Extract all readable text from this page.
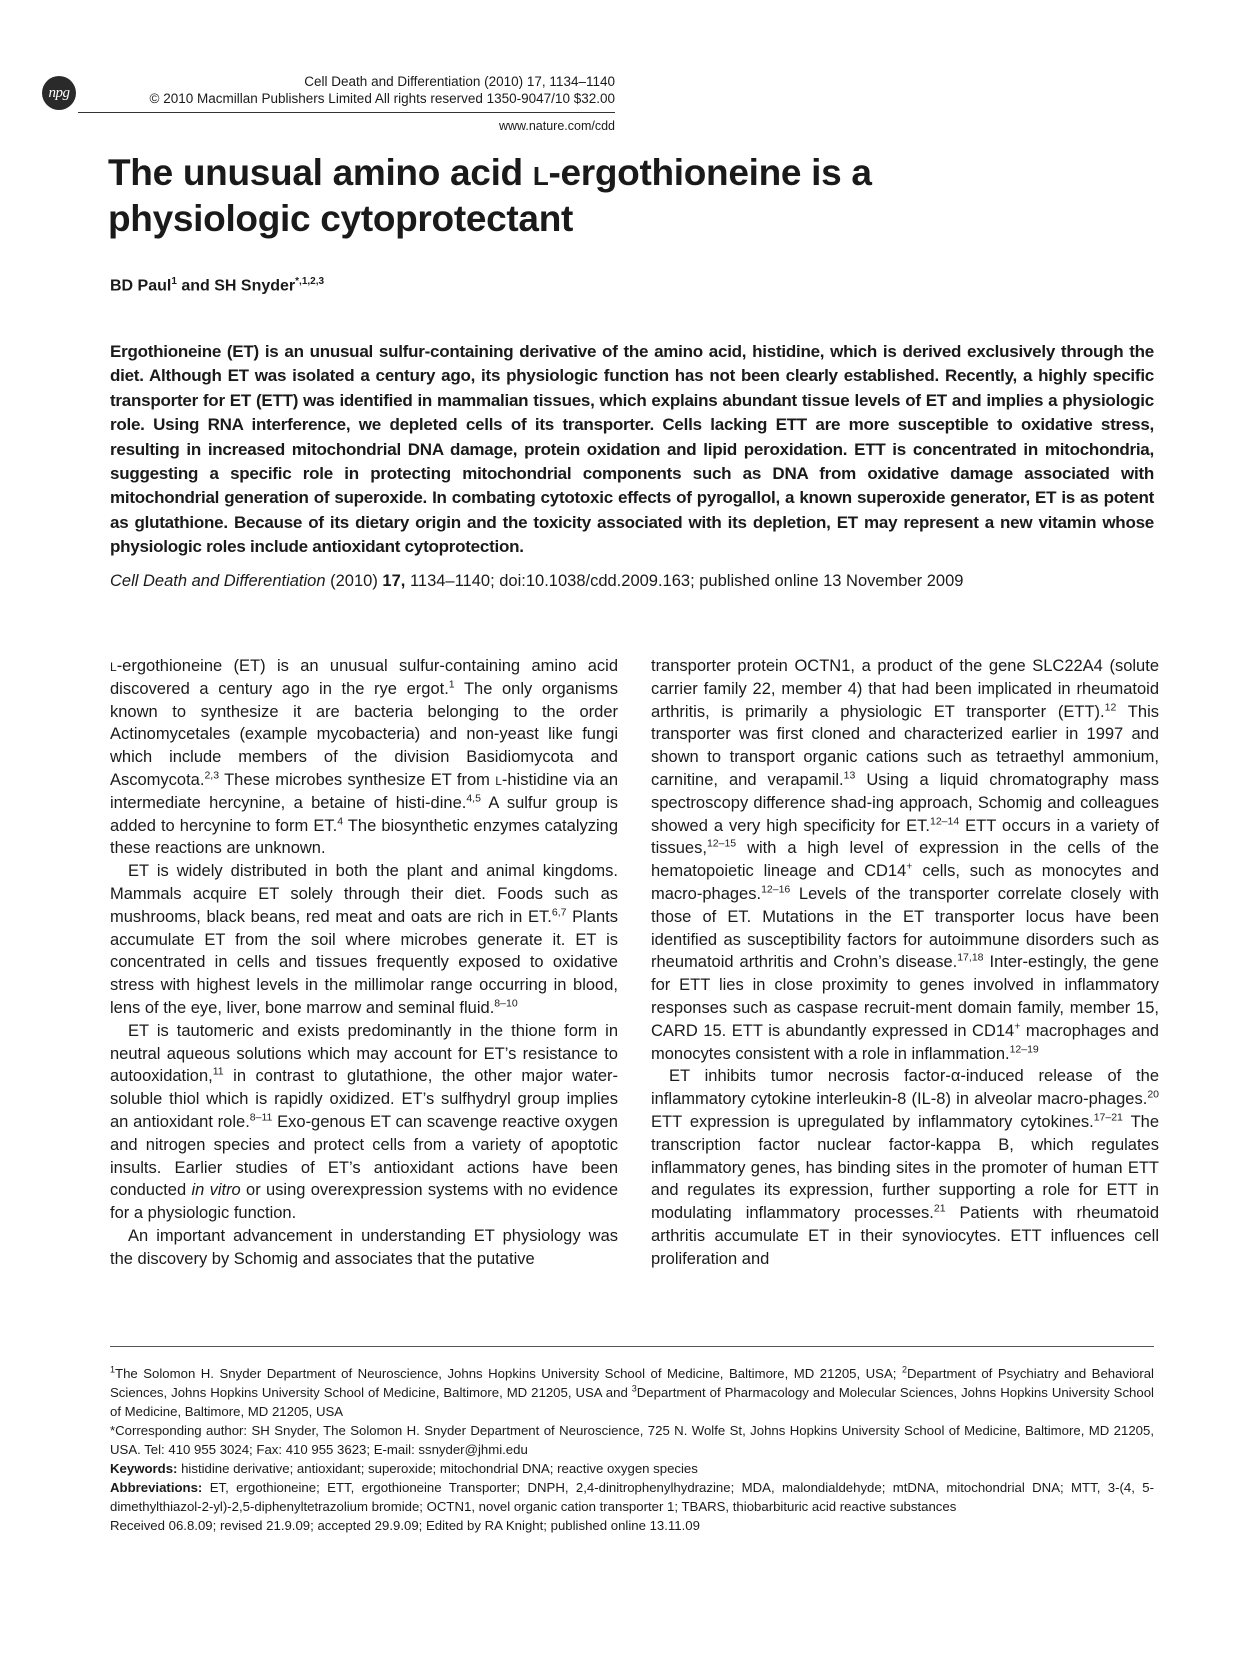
npg
Cell Death and Differentiation (2010) 17, 1134–1140
© 2010 Macmillan Publishers Limited All rights reserved 1350-9047/10 $32.00
www.nature.com/cdd
The unusual amino acid l-ergothioneine is a physiologic cytoprotectant
BD Paul$^1$ and SH Snyder$^{*,1,2,3}$
Ergothioneine (ET) is an unusual sulfur-containing derivative of the amino acid, histidine, which is derived exclusively through the diet. Although ET was isolated a century ago, its physiologic function has not been clearly established. Recently, a highly specific transporter for ET (ETT) was identified in mammalian tissues, which explains abundant tissue levels of ET and implies a physiologic role. Using RNA interference, we depleted cells of its transporter. Cells lacking ETT are more susceptible to oxidative stress, resulting in increased mitochondrial DNA damage, protein oxidation and lipid peroxidation. ETT is concentrated in mitochondria, suggesting a specific role in protecting mitochondrial components such as DNA from oxidative damage associated with mitochondrial generation of superoxide. In combating cytotoxic effects of pyrogallol, a known superoxide generator, ET is as potent as glutathione. Because of its dietary origin and the toxicity associated with its depletion, ET may represent a new vitamin whose physiologic roles include antioxidant cytoprotection.
Cell Death and Differentiation (2010) 17, 1134–1140; doi:10.1038/cdd.2009.163; published online 13 November 2009

l-ergothioneine (ET) is an unusual sulfur-containing amino acid discovered a century ago in the rye ergot.$^1$ The only organisms known to synthesize it are bacteria belonging to the order Actinomycetales (example mycobacteria) and non-yeast like fungi which include members of the division Basidiomycota and Ascomycota.$^{2,3}$ These microbes synthesize ET from l-histidine via an intermediate hercynine, a betaine of histi-dine.$^{4,5}$ A sulfur group is added to hercynine to form ET.$^4$ The biosynthetic enzymes catalyzing these reactions are unknown.

ET is widely distributed in both the plant and animal kingdoms. Mammals acquire ET solely through their diet. Foods such as mushrooms, black beans, red meat and oats are rich in ET.$^{6,7}$ Plants accumulate ET from the soil where microbes generate it. ET is concentrated in cells and tissues frequently exposed to oxidative stress with highest levels in the millimolar range occurring in blood, lens of the eye, liver, bone marrow and seminal fluid.$^{8-10}$

ET is tautomeric and exists predominantly in the thione form in neutral aqueous solutions which may account for ET’s resistance to autooxidation,$^{11}$ in contrast to glutathione, the other major water-soluble thiol which is rapidly oxidized. ET’s sulfhydryl group implies an antioxidant role.$^{8-11}$ Exo-genous ET can scavenge reactive oxygen and nitrogen species and protect cells from a variety of apoptotic insults. Earlier studies of ET’s antioxidant actions have been conducted in vitro or using overexpression systems with no evidence for a physiologic function.

An important advancement in understanding ET physiology was the discovery by Schomig and associates that the putative

transporter protein OCTN1, a product of the gene SLC22A4 (solute carrier family 22, member 4) that had been implicated in rheumatoid arthritis, is primarily a physiologic ET transporter (ETT).$^{12}$ This transporter was first cloned and characterized earlier in 1997 and shown to transport organic cations such as tetraethyl ammonium, carnitine, and verapamil.$^{13}$ Using a liquid chromatography mass spectroscopy difference shad-ing approach, Schomig and colleagues showed a very high specificity for ET.$^{12-14}$ ETT occurs in a variety of tissues,$^{12-15}$ with a high level of expression in the cells of the hematopoietic lineage and CD14+ cells, such as monocytes and macro-phages.$^{12-16}$ Levels of the transporter correlate closely with those of ET. Mutations in the ET transporter locus have been identified as susceptibility factors for autoimmune disorders such as rheumatoid arthritis and Crohn’s disease.$^{17,18}$ Inter-estingly, the gene for ETT lies in close proximity to genes involved in inflammatory responses such as caspase recruit-ment domain family, member 15, CARD 15. ETT is abundantly expressed in CD14+ macrophages and monocytes consistent with a role in inflammation.$^{12-19}$

ET inhibits tumor necrosis factor-α-induced release of the inflammatory cytokine interleukin-8 (IL-8) in alveolar macro-phages.$^{20}$ ETT expression is upregulated by inflammatory cytokines.$^{17-21}$ The transcription factor nuclear factor-kappa B, which regulates inflammatory genes, has binding sites in the promoter of human ETT and regulates its expression, further supporting a role for ETT in modulating inflammatory processes.$^{21}$ Patients with rheumatoid arthritis accumulate ET in their synoviocytes. ETT influences cell proliferation and

$^1$The Solomon H. Snyder Department of Neuroscience, Johns Hopkins University School of Medicine, Baltimore, MD 21205, USA; $^2$Department of Psychiatry and Behavioral Sciences, Johns Hopkins University School of Medicine, Baltimore, MD 21205, USA and $^3$Department of Pharmacology and Molecular Sciences, Johns Hopkins University School of Medicine, Baltimore, MD 21205, USA

*Corresponding author: SH Snyder, The Solomon H. Snyder Department of Neuroscience, 725 N. Wolfe St, Johns Hopkins University School of Medicine, Baltimore, MD 21205, USA. Tel: 410 955 3024; Fax: 410 955 3623; E-mail: ssnyder@jhmi.edu

Keywords: histidine derivative; antioxidant; superoxide; mitochondrial DNA; reactive oxygen species

Abbreviations: ET, ergothioneine; ETT, ergothioneine Transporter; DNPH, 2,4-dinitrophenylhydrazine; MDA, malondialdehyde; mtDNA, mitochondrial DNA; MTT, 3-(4, 5-dimethylthiazol-2-yl)-2,5-diphenyltetrazolium bromide; OCTN1, novel organic cation transporter 1; TBARS, thiobarbituric acid reactive substances

Received 06.8.09; revised 21.9.09; accepted 29.9.09; Edited by RA Knight; published online 13.11.09
